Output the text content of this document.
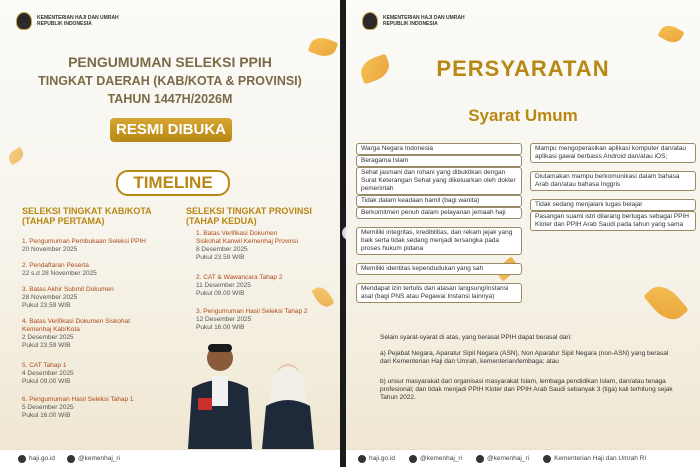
KEMENTERIAN HAJI DAN UMRAH
REPUBLIK INDONESIA
PENGUMUMAN SELEKSI PPIH
TINGKAT DAERAH (KAB/KOTA & PROVINSI)
TAHUN 1447H/2026M
RESMI DIBUKA
TIMELINE
SELEKSI TINGKAT KAB/KOTA
(TAHAP PERTAMA)
1. Pengumuman Pembukaan Seleksi PPIH
20 November 2025
2. Pendaftaran Peserta
22 s.d 28 November 2025
3. Batas Akhir Submit Dokumen
28 November 2025
Pukul 23.59 WIB
4. Batas Verifikasi Dokumen Siskohat
Kemenhaj Kab/Kota
2 Desember 2025
Pukul 23.59 WIB
5. CAT Tahap 1
4 Desember 2025
Pukul 09.00 WIB
6. Pengumuman Hasil Seleksi Tahap 1
5 Desember 2025
Pukul 16.00 WIB
SELEKSI TINGKAT PROVINSI
(TAHAP KEDUA)
1. Batas Verifikasi Dokumen
Siskohat Kanwil Kemenhaj Provinsi
8 Desember 2025
Pukul 23.59 WIB
2. CAT & Wawancara Tahap 2
11 Desember 2025
Pukul 09.00 WIB
3. Pengumuman Hasil Seleksi Tahap 2
12 Desember 2025
Pukul 16.00 WIB
haji.go.id	@kemenhaj_ri
KEMENTERIAN HAJI DAN UMRAH
REPUBLIK INDONESIA
PERSYARATAN
Syarat Umum
Warga Negara Indonesia
Beragama Islam
Sehat jasmani dan rohani yang dibuktikan dengan Surat Keterangan Sehat yang dikeluarkan oleh dokter pemerintah
Tidak dalam keadaan hamil (bagi wanita)
Berkomitmen penuh dalam pelayanan jemaah haji
Memiliki integritas, kredibilitas, dan rekam jejak yang baik serta tidak sedang menjadi tersangka pada proses hukum pidana
Memiliki identitas kependudukan yang sah
Mendapat izin tertulis dari atasan langsung/instansi asal (bagi PNS atau Pegawai Instansi lainnya)
Mampu mengoperasikan aplikasi komputer dan/atau aplikasi gawai berbasis Android dan/atau iOS;
Diutamakan mampu berkomunikasi dalam bahasa Arab dan/atau bahasa Inggris
Tidak sedang menjalani tugas belajar
Pasangan suami istri dilarang bertugas sebagai PPIH Kloter dan PPIH Arab Saudi pada tahun yang sama
Selain syarat-syarat di atas, yang berasal PPIH dapat berasal dari:
a) Pejabat Negara, Aparatur Sipil Negara (ASN), Non Aparatur Sipil Negara (non-ASN) yang berasal dari Kementerian Haji dan Umrah, kementerian/lembaga; atau
b) unsur masyarakat dari organisasi masyarakat Islam, lembaga pendidikan Islam, dan/atau tenaga profesional; dan tidak menjadi PPIH Kloter dan PPIH Arab Saudi sebanyak 3 (tiga) kali terhitung sejak Tahun 2022.
haji.go.id	@kemenhaj_ri	@kemenhaj_ri	Kementerian Haji dan Umrah RI
